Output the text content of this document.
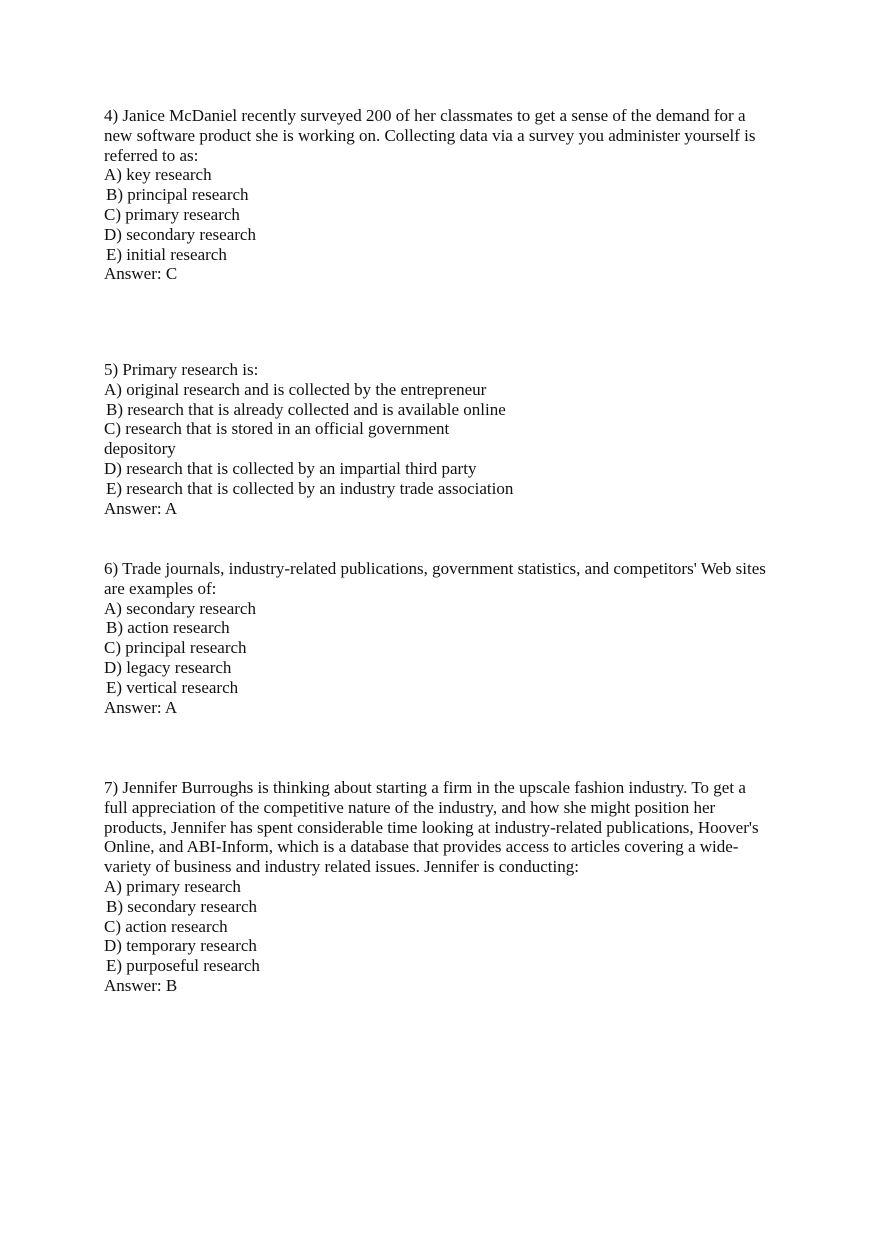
4) Janice McDaniel recently surveyed 200 of her classmates to get a sense of the demand for a
new software product she is working on. Collecting data via a survey you administer yourself is
referred to as:
A) key research
B) principal research
C) primary research
D) secondary research
E) initial research
Answer: C
5) Primary research is:
A) original research and is collected by the entrepreneur
B) research that is already collected and is available online
C) research that is stored in an official government
depository
D) research that is collected by an impartial third party
E) research that is collected by an industry trade association
Answer: A
6) Trade journals, industry-related publications, government statistics, and competitors' Web sites
are examples of:
A) secondary research
B) action research
C) principal research
D) legacy research
E) vertical research
Answer: A
7) Jennifer Burroughs is thinking about starting a firm in the upscale fashion industry. To get a
full appreciation of the competitive nature of the industry, and how she might position her
products, Jennifer has spent considerable time looking at industry-related publications, Hoover's
Online, and ABI-Inform, which is a database that provides access to articles covering a wide-
variety of business and industry related issues. Jennifer is conducting:
A) primary research
B) secondary research
C) action research
D) temporary research
E) purposeful research
Answer: B
